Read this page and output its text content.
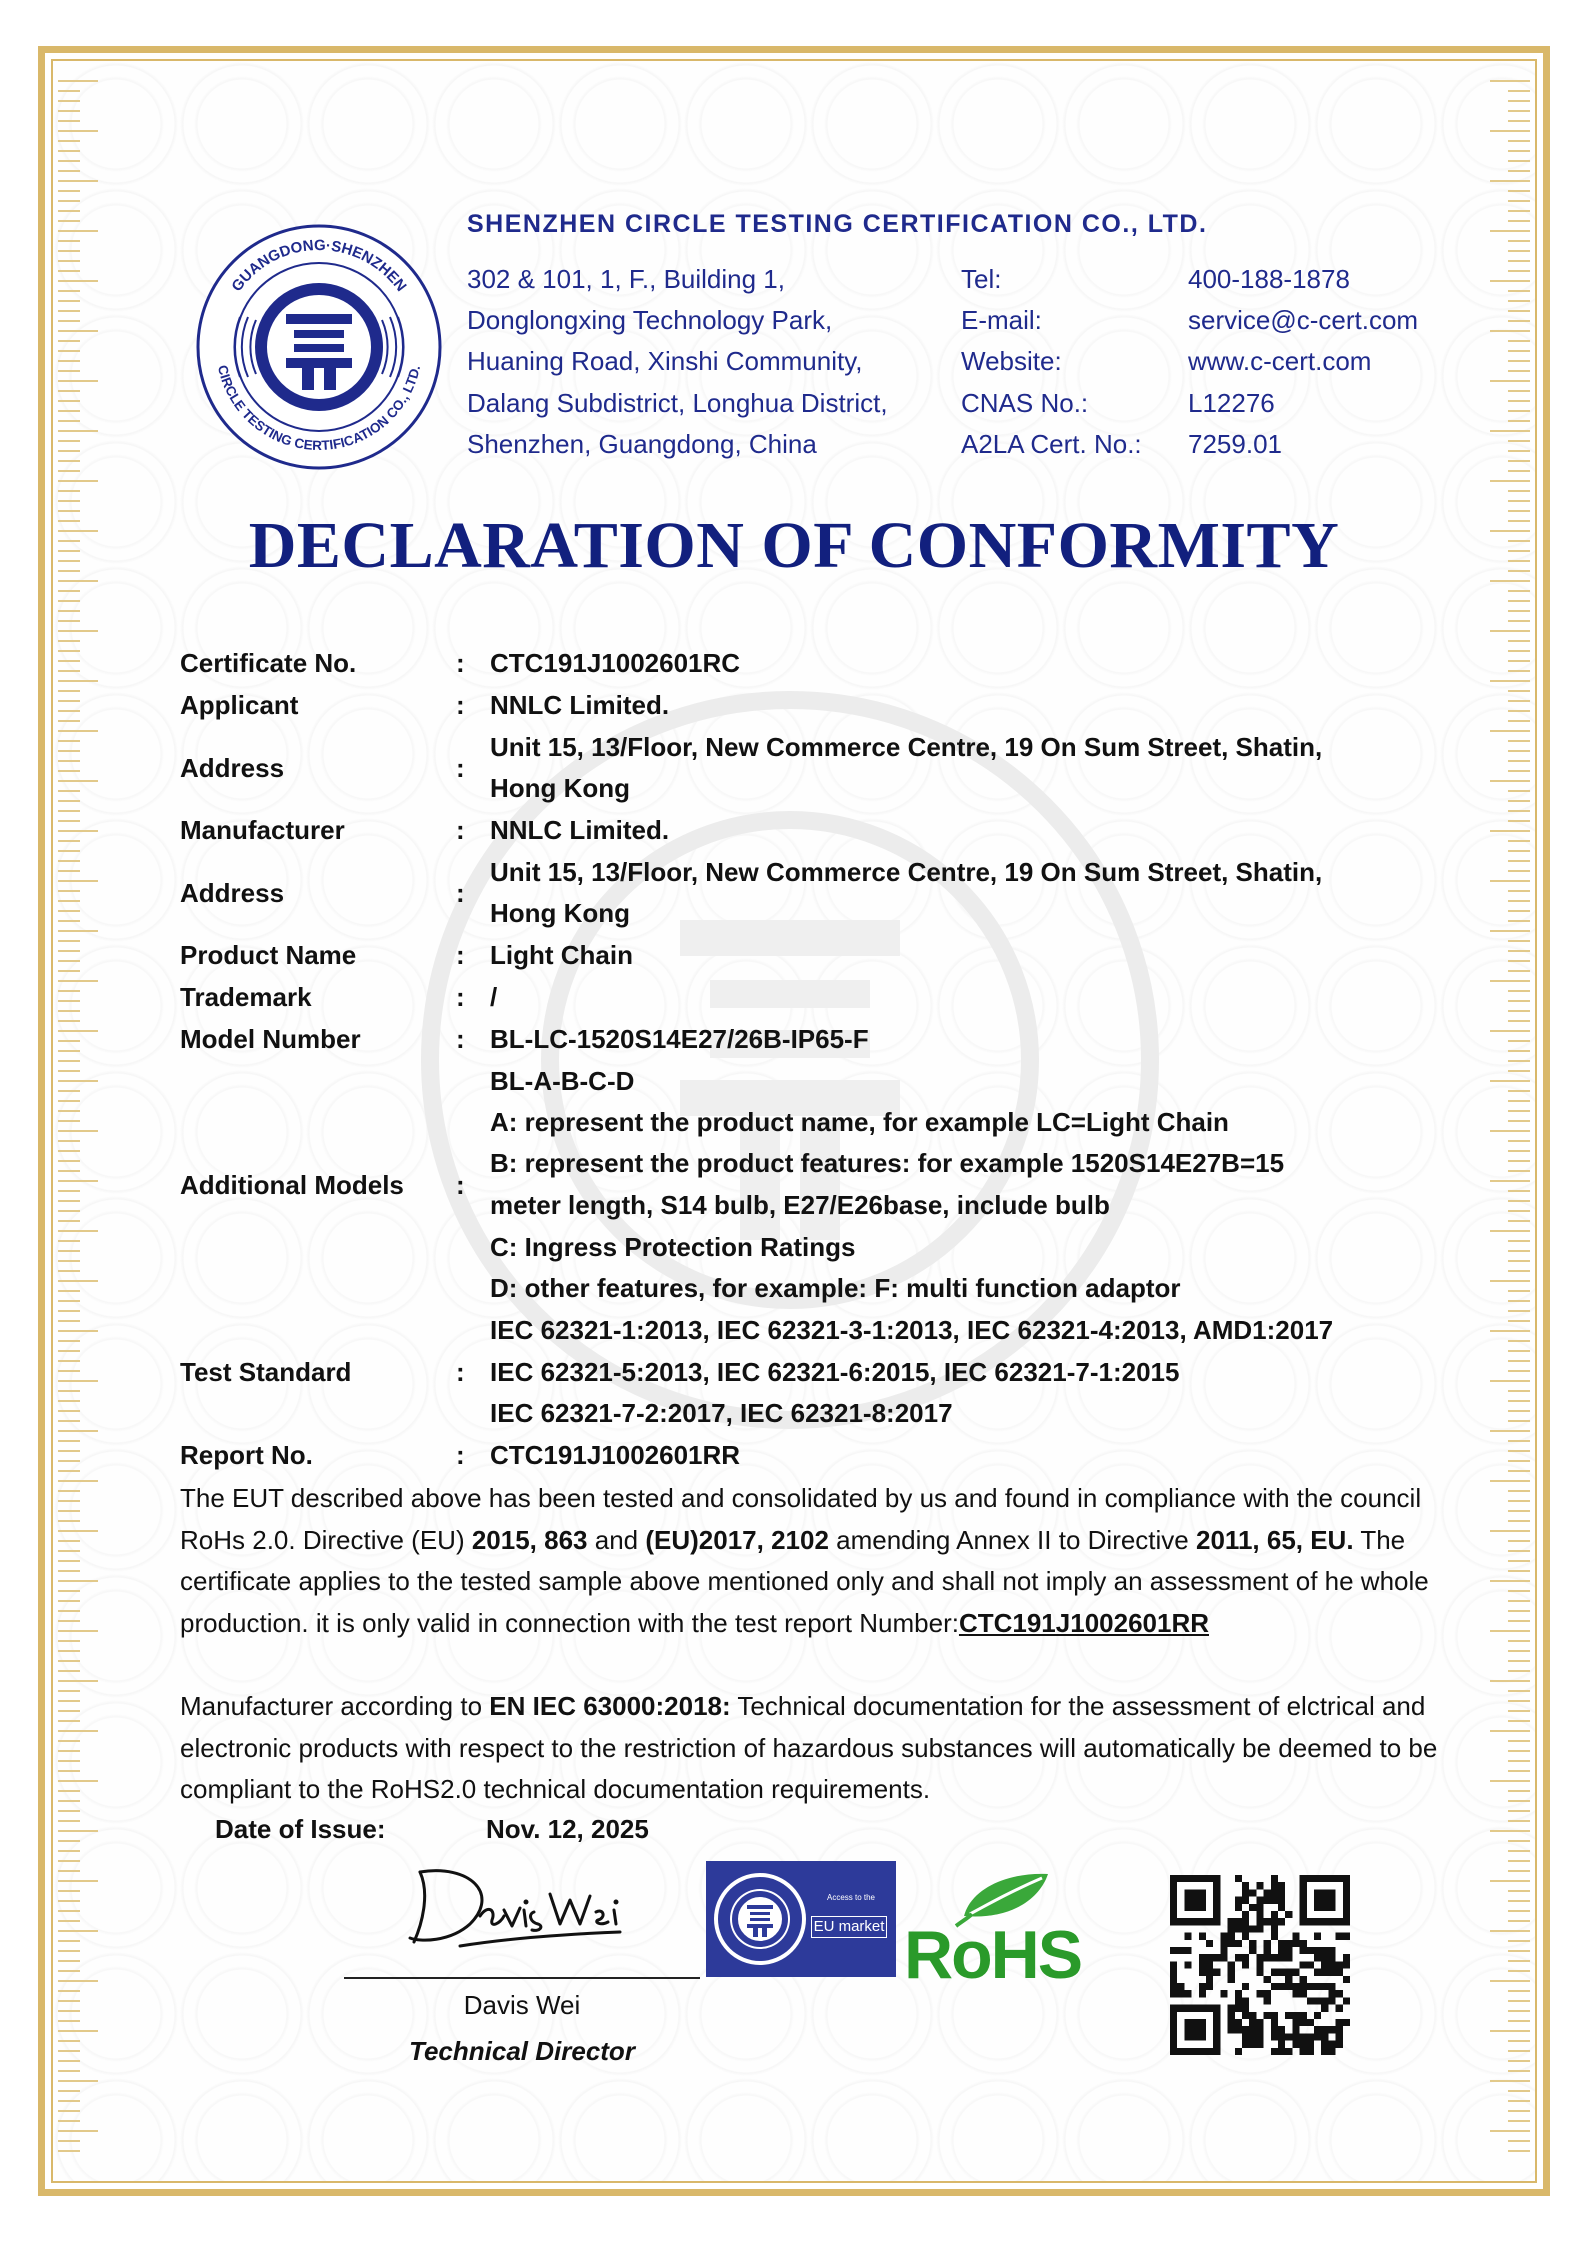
GUANGDONG·SHENZHEN
CIRCLE TESTING CERTIFICATION CO., LTD.
SHENZHEN CIRCLE TESTING CERTIFICATION CO., LTD.
302 & 101, 1, F., Building 1,
Donglongxing Technology Park,
Huaning Road, Xinshi Community,
Dalang Subdistrict, Longhua District,
Shenzhen, Guangdong, China
Tel:	400-188-1878
E-mail:	service@c-cert.com
Website:	www.c-cert.com
CNAS No.:	L12276
A2LA Cert. No.: 7259.01
DECLARATION OF CONFORMITY
Certificate No.	: CTC191J1002601RC
Applicant	: NNLC Limited.
Address	:
Unit 15, 13/Floor, New Commerce Centre, 19 On Sum Street, Shatin,
Hong Kong
Manufacturer	: NNLC Limited.
Address	:
Unit 15, 13/Floor, New Commerce Centre, 19 On Sum Street, Shatin,
Hong Kong
Product Name	: Light Chain
Trademark	: /
Model Number	: BL-LC-1520S14E27/26B-IP65-F
Additional Models :
BL-A-B-C-D
A: represent the product name, for example LC=Light Chain
B: represent the product features: for example 1520S14E27B=15
meter length, S14 bulb, E27/E26base, include bulb
C: Ingress Protection Ratings
D: other features, for example: F: multi function adaptor
Test Standard	:
IEC 62321-1:2013, IEC 62321-3-1:2013, IEC 62321-4:2013, AMD1:2017
IEC 62321-5:2013, IEC 62321-6:2015, IEC 62321-7-1:2015
IEC 62321-7-2:2017, IEC 62321-8:2017
Report No.	: CTC191J1002601RR
The EUT described above has been tested and consolidated by us and found in compliance with the council RoHs 2.0. Directive (EU) 2015, 863 and (EU)2017, 2102 amending Annex II to Directive 2011, 65, EU. The certificate applies to the tested sample above mentioned only and shall not imply an assessment of he whole production. it is only valid in connection with the test report Number:CTC191J1002601RR
Manufacturer according to EN IEC 63000:2018: Technical documentation for the assessment of elctrical and electronic products with respect to the restriction of hazardous substances will automatically be deemed to be compliant to the RoHS2.0 technical documentation requirements.
Date of Issue:	Nov. 12, 2025
Davis Wei
Technical Director
Access to the
EU market RoHS
